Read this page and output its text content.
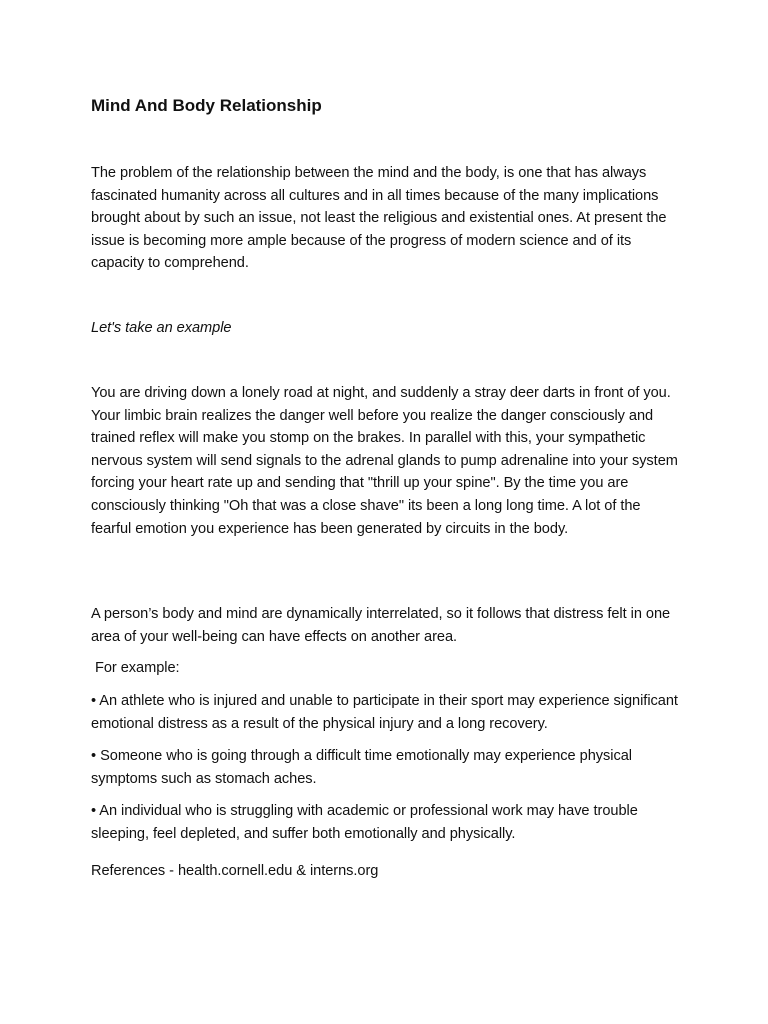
Mind And Body Relationship

The problem of the relationship between the mind and the body, is one that has always fascinated humanity across all cultures and in all times because of the many implications brought about by such an issue, not least the religious and existential ones. At present the issue is becoming more ample because of the progress of modern science and of its capacity to comprehend.

Let's take an example

You are driving down a lonely road at night, and suddenly a stray deer darts in front of you. Your limbic brain realizes the danger well before you realize the danger consciously and trained reflex will make you stomp on the brakes. In parallel with this, your sympathetic nervous system will send signals to the adrenal glands to pump adrenaline into your system forcing your heart rate up and sending that "thrill up your spine". By the time you are consciously thinking "Oh that was a close shave" its been a long long time. A lot of the fearful emotion you experience has been generated by circuits in the body.

A person’s body and mind are dynamically interrelated, so it follows that distress felt in one area of your well-being can have effects on another area.

For example:

• An athlete who is injured and unable to participate in their sport may experience significant emotional distress as a result of the physical injury and a long recovery.

• Someone who is going through a difficult time emotionally may experience physical symptoms such as stomach aches.

• An individual who is struggling with academic or professional work may have trouble sleeping, feel depleted, and suffer both emotionally and physically.

References - health.cornell.edu & interns.org
